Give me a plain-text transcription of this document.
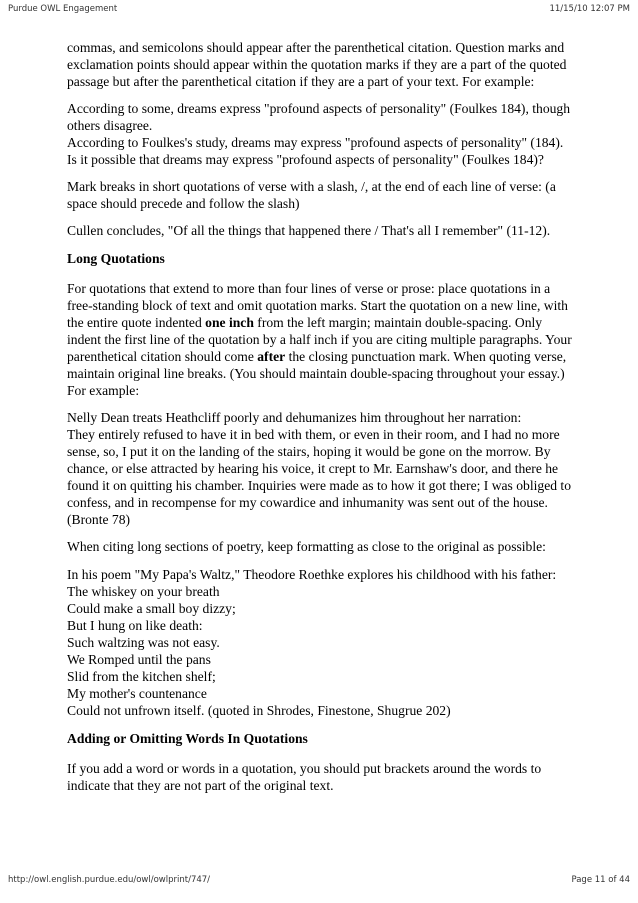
Purdue OWL Engagement	11/15/10 12:07 PM

commas, and semicolons should appear after the parenthetical citation. Question marks and exclamation points should appear within the quotation marks if they are a part of the quoted passage but after the parenthetical citation if they are a part of your text. For example:

According to some, dreams express "profound aspects of personality" (Foulkes 184), though others disagree.
According to Foulkes's study, dreams may express "profound aspects of personality" (184).
Is it possible that dreams may express "profound aspects of personality" (Foulkes 184)?

Mark breaks in short quotations of verse with a slash, /, at the end of each line of verse: (a space should precede and follow the slash)

Cullen concludes, "Of all the things that happened there / That's all I remember" (11-12).

Long Quotations

For quotations that extend to more than four lines of verse or prose: place quotations in a free-standing block of text and omit quotation marks. Start the quotation on a new line, with the entire quote indented one inch from the left margin; maintain double-spacing. Only indent the first line of the quotation by a half inch if you are citing multiple paragraphs. Your parenthetical citation should come after the closing punctuation mark. When quoting verse, maintain original line breaks. (You should maintain double-spacing throughout your essay.) For example:

Nelly Dean treats Heathcliff poorly and dehumanizes him throughout her narration:
They entirely refused to have it in bed with them, or even in their room, and I had no more sense, so, I put it on the landing of the stairs, hoping it would be gone on the morrow. By chance, or else attracted by hearing his voice, it crept to Mr. Earnshaw's door, and there he found it on quitting his chamber. Inquiries were made as to how it got there; I was obliged to confess, and in recompense for my cowardice and inhumanity was sent out of the house. (Bronte 78)

When citing long sections of poetry, keep formatting as close to the original as possible:

In his poem "My Papa's Waltz," Theodore Roethke explores his childhood with his father:
The whiskey on your breath
Could make a small boy dizzy;
But I hung on like death:
Such waltzing was not easy.
We Romped until the pans
Slid from the kitchen shelf;
My mother's countenance
Could not unfrown itself. (quoted in Shrodes, Finestone, Shugrue 202)

Adding or Omitting Words In Quotations

If you add a word or words in a quotation, you should put brackets around the words to indicate that they are not part of the original text.

http://owl.english.purdue.edu/owl/owlprint/747/	Page 11 of 44
